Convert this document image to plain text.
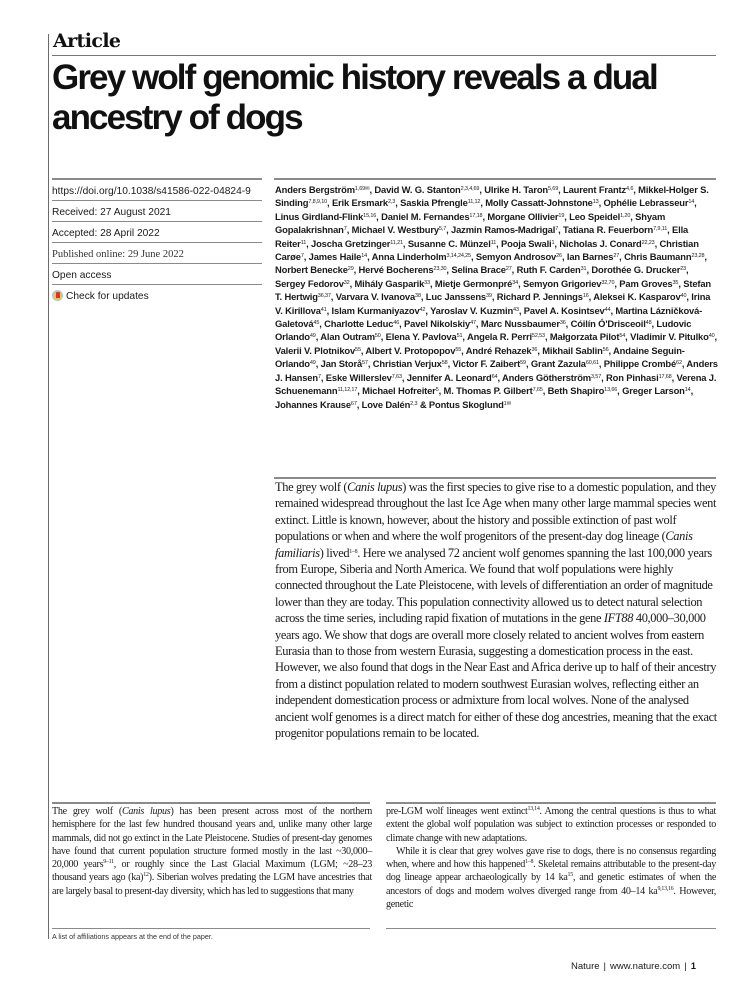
Article
Grey wolf genomic history reveals a dual ancestry of dogs
https://doi.org/10.1038/s41586-022-04824-9
Received: 27 August 2021
Accepted: 28 April 2022
Published online: 29 June 2022
Open access
Check for updates
Anders Bergström$^{1,69✉}$, David W. G. Stanton$^{2,3,4,69}$, Ulrike H. Taron$^{5,69}$, Laurent Frantz$^{4,6}$, Mikkel-Holger S. Sinding$^{7,8,9,10}$, Erik Ersmark$^{2,3}$, Saskia Pfrengle$^{11,12}$, Molly Cassatt-Johnstone$^{13}$, Ophélie Lebrasseur$^{14}$, Linus Girdland-Flink$^{15,16}$, Daniel M. Fernandes$^{17,18}$, Morgane Ollivier$^{19}$, Leo Speidel$^{1,20}$, Shyam Gopalakrishnan$^7$, Michael V. Westbury$^{5,7}$, Jazmin Ramos-Madrigal$^7$, Tatiana R. Feuerborn$^{7,9,11}$, Ella Reiter$^{11}$, Joscha Gretzinger$^{11,21}$, Susanne C. Münzel$^{11}$, Pooja Swali$^1$, Nicholas J. Conard$^{22,23}$, Christian Carøe$^7$, James Haile$^{14}$, Anna Linderholm$^{3,14,24,25}$, Semyon Androsov$^{26}$, Ian Barnes$^{27}$, Chris Baumann$^{23,28}$, Norbert Benecke$^{29}$, Hervé Bocherens$^{23,30}$, Selina Brace$^{27}$, Ruth F. Carden$^{31}$, Dorothée G. Drucker$^{23}$, Sergey Fedorov$^{32}$, Mihály Gasparik$^{33}$, Mietje Germonpré$^{34}$, Semyon Grigoriev$^{32,70}$, Pam Groves$^{35}$, Stefan T. Hertwig$^{36,37}$, Varvara V. Ivanova$^{38}$, Luc Janssens$^{39}$, Richard P. Jennings$^{16}$, Aleksei K. Kasparov$^{40}$, Irina V. Kirillova$^{41}$, Islam Kurmaniyazov$^{42}$, Yaroslav V. Kuzmin$^{43}$, Pavel A. Kosintsev$^{44}$, Martina Lázničková-Galetová$^{45}$, Charlotte Leduc$^{46}$, Pavel Nikolskiy$^{47}$, Marc Nussbaumer$^{36}$, Cóilín Ó'Drisceoil$^{48}$, Ludovic Orlando$^{49}$, Alan Outram$^{50}$, Elena Y. Pavlova$^{51}$, Angela R. Perri$^{52,53}$, Małgorzata Pilot$^{54}$, Vladimir V. Pitulko$^{40}$, Valerii V. Plotnikov$^{55}$, Albert V. Protopopov$^{55}$, André Rehazek$^{36}$, Mikhail Sablin$^{56}$, Andaine Seguin-Orlando$^{49}$, Jan Storå$^{57}$, Christian Verjux$^{58}$, Victor F. Zaibert$^{59}$, Grant Zazula$^{60,61}$, Philippe Crombé$^{62}$, Anders J. Hansen$^7$, Eske Willerslev$^{7,63}$, Jennifer A. Leonard$^{64}$, Anders Götherström$^{3,57}$, Ron Pinhasi$^{17,68}$, Verena J. Schuenemann$^{11,12,17}$, Michael Hofreiter$^5$, M. Thomas P. Gilbert$^{7,65}$, Beth Shapiro$^{13,66}$, Greger Larson$^{14}$, Johannes Krause$^{67}$, Love Dalén$^{2,3}$ & Pontus Skoglund$^{1✉}$

The grey wolf (Canis lupus) was the first species to give rise to a domestic population, and they remained widespread throughout the last Ice Age when many other large mammal species went extinct. Little is known, however, about the history and possible extinction of past wolf populations or when and where the wolf progenitors of the present-day dog lineage (Canis familiaris) lived$^{1-8}$. Here we analysed 72 ancient wolf genomes spanning the last 100,000 years from Europe, Siberia and North America. We found that wolf populations were highly connected throughout the Late Pleistocene, with levels of differentiation an order of magnitude lower than they are today. This population connectivity allowed us to detect natural selection across the time series, including rapid fixation of mutations in the gene IFT88 40,000–30,000 years ago. We show that dogs are overall more closely related to ancient wolves from eastern Eurasia than to those from western Eurasia, suggesting a domestication process in the east. However, we also found that dogs in the Near East and Africa derive up to half of their ancestry from a distinct population related to modern southwest Eurasian wolves, reflecting either an independent domestication process or admixture from local wolves. None of the analysed ancient wolf genomes is a direct match for either of these dog ancestries, meaning that the exact progenitor populations remain to be located.

The grey wolf (Canis lupus) has been present across most of the northern hemisphere for the last few hundred thousand years and, unlike many other large mammals, did not go extinct in the Late Pleistocene. Studies of present-day genomes have found that current population structure formed mostly in the last ~30,000–20,000 years$^{9-11}$, or roughly since the Last Glacial Maximum (LGM; ~28–23 thousand years ago (ka)$^{12}$). Siberian wolves predating the LGM have ancestries that are largely basal to present-day diversity, which has led to suggestions that many

pre-LGM wolf lineages went extinct$^{13,14}$. Among the central questions is thus to what extent the global wolf population was subject to extinction processes or responded to climate change with new adaptations.

While it is clear that grey wolves gave rise to dogs, there is no consensus regarding when, where and how this happened$^{1-8}$. Skeletal remains attributable to the present-day dog lineage appear archaeologically by 14 $ka^{15}$, and genetic estimates of when the ancestors of dogs and modern wolves diverged range from 40–14 ka$^{9,13,16}$. However, genetic

A list of affiliations appears at the end of the paper.
Nature | www.nature.com | 1
